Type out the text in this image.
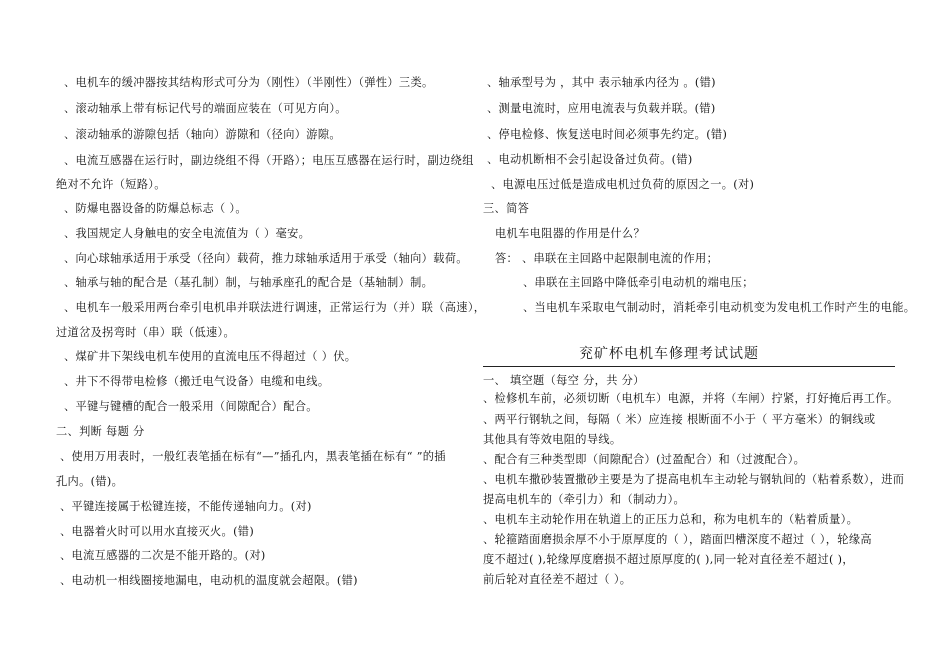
、电机车的缓冲器按其结构形式可分为（刚性）（半刚性）（弹性）三类。
、滚动轴承上带有标记代号的端面应装在（可见方向）。
、滚动轴承的游隙包括（轴向）游隙和（径向）游隙。
、电流互感器在运行时，副边绕组不得（开路）；电压互感器在运行时，副边绕组
绝对不允许（短路）。
、防爆电器设备的防爆总标志（ ）。
、我国规定人身触电的安全电流值为（ ）毫安。
、向心球轴承适用于承受（径向）载荷，推力球轴承适用于承受（轴向）载荷。
、轴承与轴的配合是（基孔制）制，与轴承座孔的配合是（基轴制）制。
、电机车一般采用两台牵引电机串并联法进行调速，正常运行为（并）联（高速），
过道岔及拐弯时（串）联（低速）。
、煤矿井下架线电机车使用的直流电压不得超过（ ）伏。
、井下不得带电检修（搬迁电气设备）电缆和电线。
、平键与键槽的配合一般采用（间隙配合）配合。
二、判断 每题 分
、使用万用表时，一般红表笔插在标有“—”插孔内，黑表笔插在标有“ ”的插
孔内。(错)。
、平键连接属于松键连接，不能传递轴向力。(对)
、电器着火时可以用水直接灭火。(错)
、电流互感器的二次是不能开路的。(对)
、电动机一相线圈接地漏电，电动机的温度就会超限。(错)
、轴承型号为 ，其中 表示轴承内径为 。(错)
、测量电流时，应用电流表与负载并联。(错)
、停电检修、恢复送电时间必须事先约定。(错)
、电动机断相不会引起设备过负荷。(错)
、电源电压过低是造成电机过负荷的原因之一。(对)
三、简答
电机车电阻器的作用是什么？
答： 、串联在主回路中起限制电流的作用；
、串联在主回路中降低牵引电动机的端电压；
、当电机车采取电气制动时，消耗牵引电动机变为发电机工作时产生的电能。
兖矿杯电机车修理考试试题
一、 填空题（每空 分，共 分）
、检修机车前，必须切断（电机车）电源，并将（车闸）拧紧，打好掩后再工作。
、两平行钢轨之间，每隔（ 米）应连接 根断面不小于（ 平方毫米）的铜线或
其他具有等效电阻的导线。
、配合有三种类型即（间隙配合）(过盈配合）和（过渡配合）。
、电机车撒砂装置撒砂主要是为了提高电机车主动轮与钢轨间的（粘着系数），进而
提高电机车的（牵引力）和（制动力）。
、电机车主动轮作用在轨道上的正压力总和，称为电机车的（粘着质量）。
、轮箍踏面磨损余厚不小于原厚度的（ ），踏面凹槽深度不超过（ ），轮缘高
度不超过( ),轮缘厚度磨损不超过原厚度的( ),同一轮对直径差不超过( )，
前后轮对直径差不超过（ ）。
